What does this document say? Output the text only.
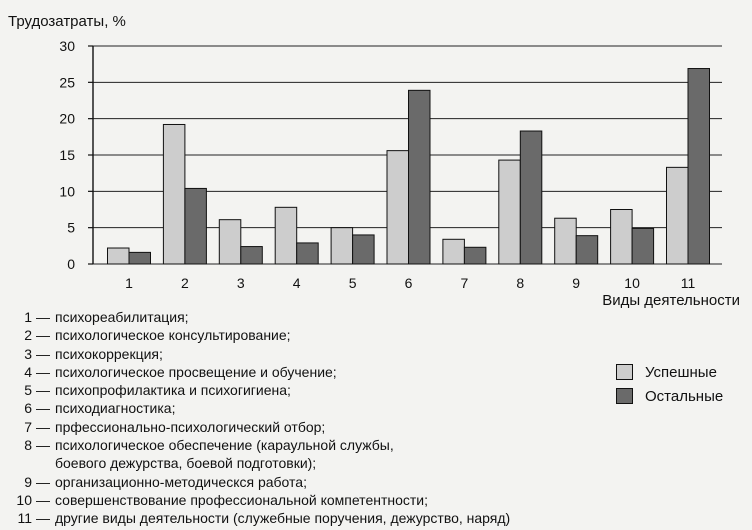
0
5
10
15
20
25
30
1	2	3	4	5	6	7	8	9	10	11
Трудозатраты, %
Виды деятельности
Успешные
Остальные
1 — психореабилитация;
2 — психологическое консультирование;
3 — психокоррекция;
4 — психологическое просвещение и обучение;
5 — психопрофилактика и психогигиена;
6 — психодиагностика;
7 — прфессионально-психологический отбор;
8 — психологическое обеспечение (караульной службы,
боевого дежурства, боевой подготовки);
9 — организационно-методическся работа;
10 — совершенствование профессиональной компетентности;
11 — другие виды деятельности (служебные поручения, дежурство, наряд)
